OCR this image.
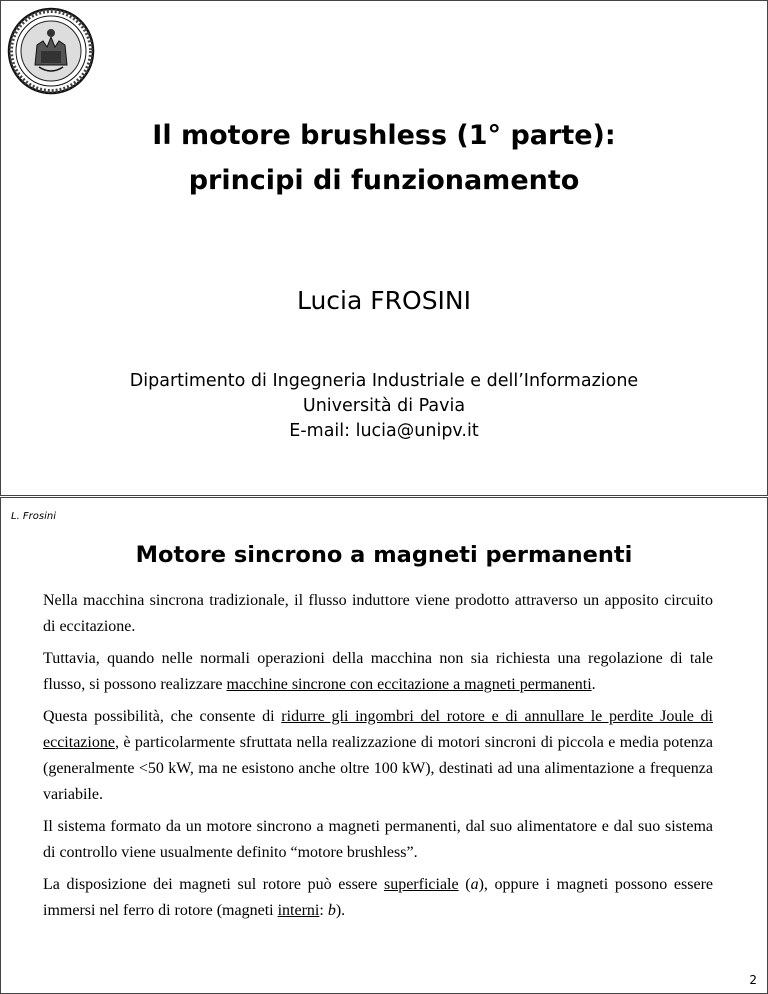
Il motore brushless (1° parte):
principi di funzionamento
Lucia FROSINI
Dipartimento di Ingegneria Industriale e dell’Informazione
Università di Pavia
E-mail: lucia@unipv.it
L. Frosini
Motore sincrono a magneti permanenti

Nella macchina sincrona tradizionale, il flusso induttore viene prodotto attraverso un apposito circuito di eccitazione.

Tuttavia, quando nelle normali operazioni della macchina non sia richiesta una regolazione di tale flusso, si possono realizzare macchine sincrone con eccitazione a magneti permanenti.

Questa possibilità, che consente di ridurre gli ingombri del rotore e di annullare le perdite Joule di eccitazione, è particolarmente sfruttata nella realizzazione di motori sincroni di piccola e media potenza (generalmente <50 kW, ma ne esistono anche oltre 100 kW), destinati ad una alimentazione a frequenza variabile.

Il sistema formato da un motore sincrono a magneti permanenti, dal suo alimentatore e dal suo sistema di controllo viene usualmente definito “motore brushless”.

La disposizione dei magneti sul rotore può essere superficiale (a), oppure i magneti possono essere immersi nel ferro di rotore (magneti interni: b).

2
